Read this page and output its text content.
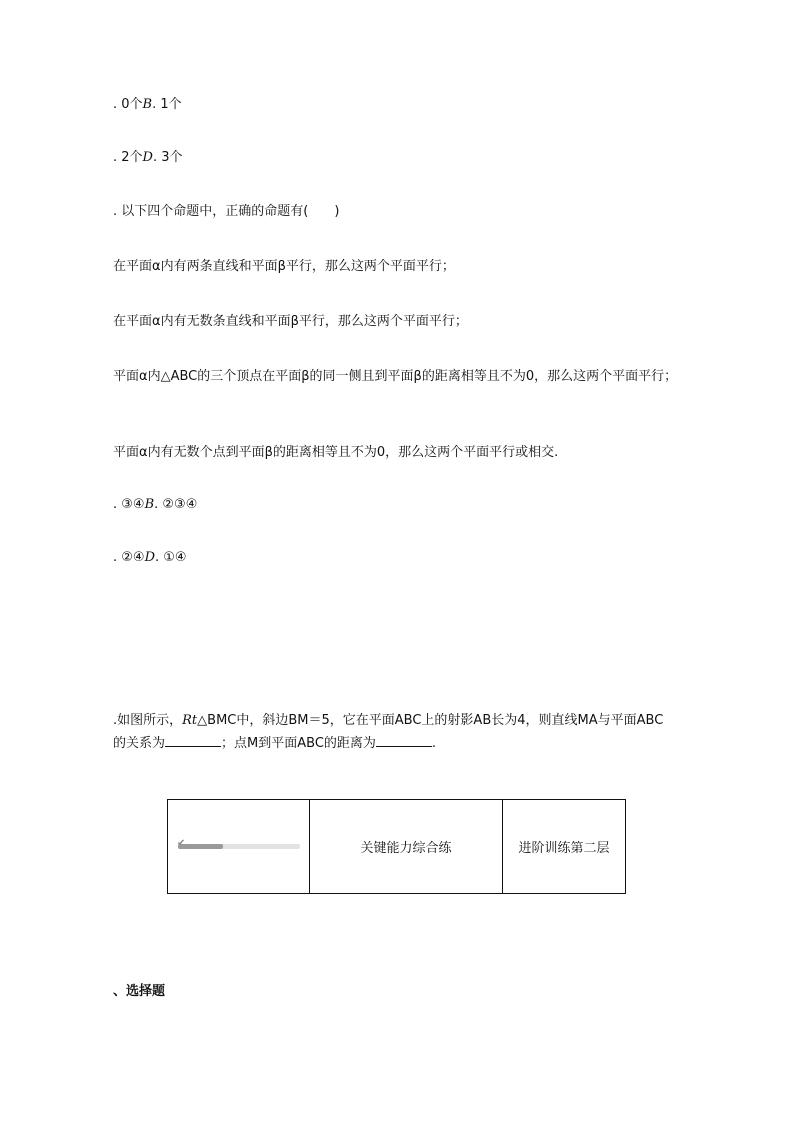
. 0个B. 1个
. 2个D. 3个
. 以下四个命题中，正确的命题有(　　)
在平面α内有两条直线和平面β平行，那么这两个平面平行；
在平面α内有无数条直线和平面β平行，那么这两个平面平行；
平面α内△ABC的三个顶点在平面β的同一侧且到平面β的距离相等且不为0，那么这两个平面平行；
平面α内有无数个点到平面β的距离相等且不为0，那么这两个平面平行或相交.
. ③④B. ②③④
. ②④D. ①④
.如图所示，Rt△BMC中，斜边BM＝5，它在平面ABC上的射影AB长为4，则直线MA与平面ABC的关系为	；点M到平面ABC的距离为	.
✔	关键能力综合练	进阶训练第二层
、选择题
